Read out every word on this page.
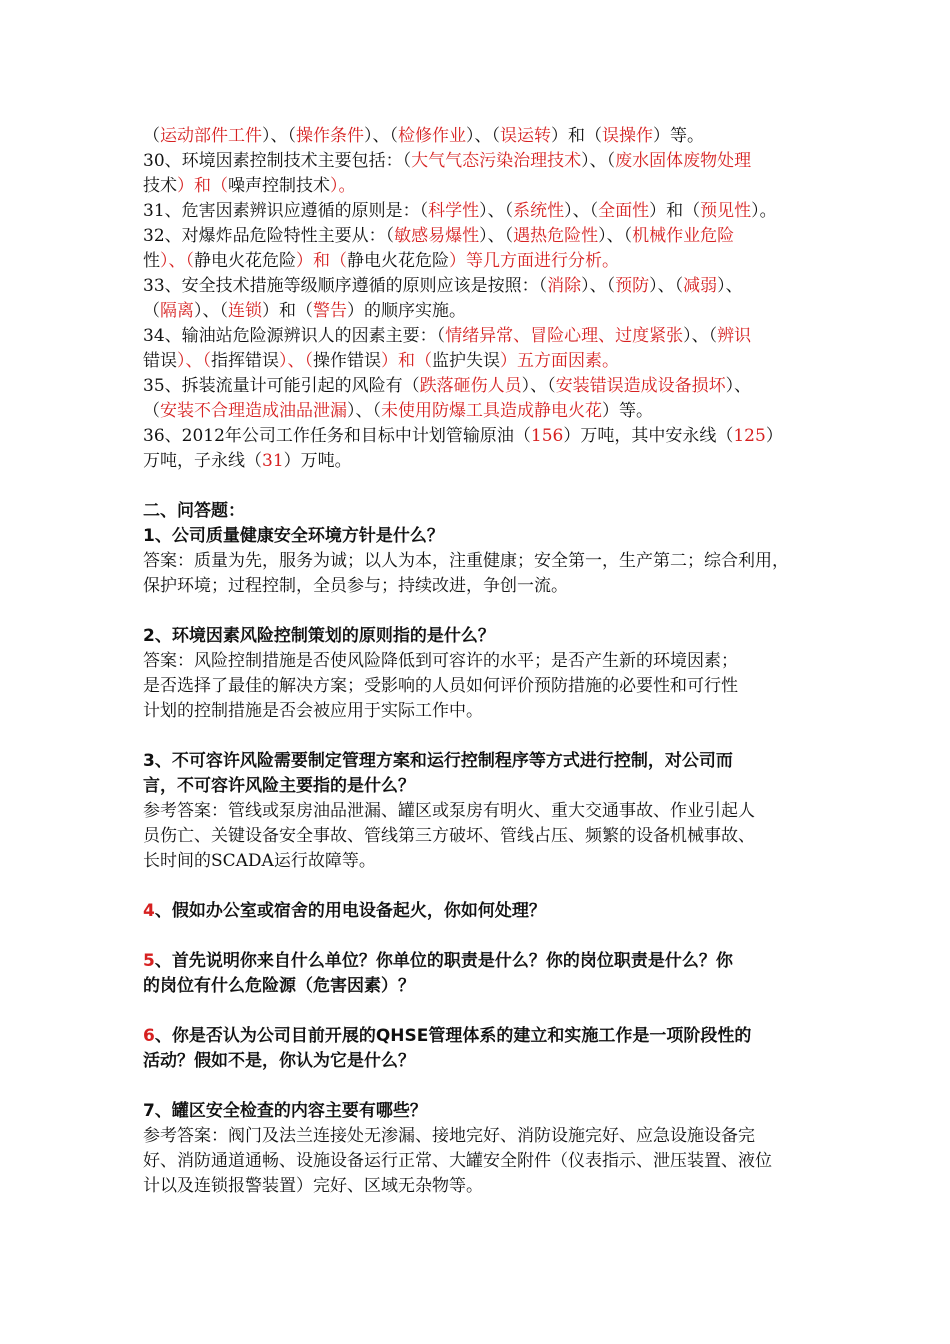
（运动部件工件）、（操作条件）、（检修作业）、（误运转）和（误操作）等。
30、环境因素控制技术主要包括：（大气气态污染治理技术）、（废水固体废物处理
技术）和（噪声控制技术）。
31、危害因素辨识应遵循的原则是：（科学性）、（系统性）、（全面性）和（预见性）。
32、对爆炸品危险特性主要从：（敏感易爆性）、（遇热危险性）、（机械作业危险
性）、（静电火花危险）和（静电火花危险）等几方面进行分析。
33、安全技术措施等级顺序遵循的原则应该是按照：（消除）、（预防）、（减弱）、
（隔离）、（连锁）和（警告）的顺序实施。
34、输油站危险源辨识人的因素主要：（情绪异常、冒险心理、过度紧张）、（辨识
错误）、（指挥错误）、（操作错误）和（监护失误）五方面因素。
35、拆装流量计可能引起的风险有（跌落砸伤人员）、（安装错误造成设备损坏）、
（安装不合理造成油品泄漏）、（未使用防爆工具造成静电火花）等。
36、2012年公司工作任务和目标中计划管输原油（156）万吨，其中安永线（125）
万吨，子永线（31）万吨。
二、问答题：
1、公司质量健康安全环境方针是什么？
答案：质量为先，服务为诚；以人为本，注重健康；安全第一，生产第二；综合利用，
保护环境；过程控制，全员参与；持续改进，争创一流。
2、环境因素风险控制策划的原则指的是什么？
答案：风险控制措施是否使风险降低到可容许的水平；是否产生新的环境因素；
是否选择了最佳的解决方案；受影响的人员如何评价预防措施的必要性和可行性
计划的控制措施是否会被应用于实际工作中。
3、不可容许风险需要制定管理方案和运行控制程序等方式进行控制，对公司而
言，不可容许风险主要指的是什么？
参考答案：管线或泵房油品泄漏、罐区或泵房有明火、重大交通事故、作业引起人
员伤亡、关键设备安全事故、管线第三方破坏、管线占压、频繁的设备机械事故、
长时间的SCADA运行故障等。
4、假如办公室或宿舍的用电设备起火，你如何处理？
5、首先说明你来自什么单位？你单位的职责是什么？你的岗位职责是什么？你
的岗位有什么危险源（危害因素）？
6、你是否认为公司目前开展的QHSE管理体系的建立和实施工作是一项阶段性的
活动？假如不是，你认为它是什么？
7、罐区安全检查的内容主要有哪些？
参考答案：阀门及法兰连接处无渗漏、接地完好、消防设施完好、应急设施设备完
好、消防通道通畅、设施设备运行正常、大罐安全附件（仪表指示、泄压装置、液位
计以及连锁报警装置）完好、区域无杂物等。
